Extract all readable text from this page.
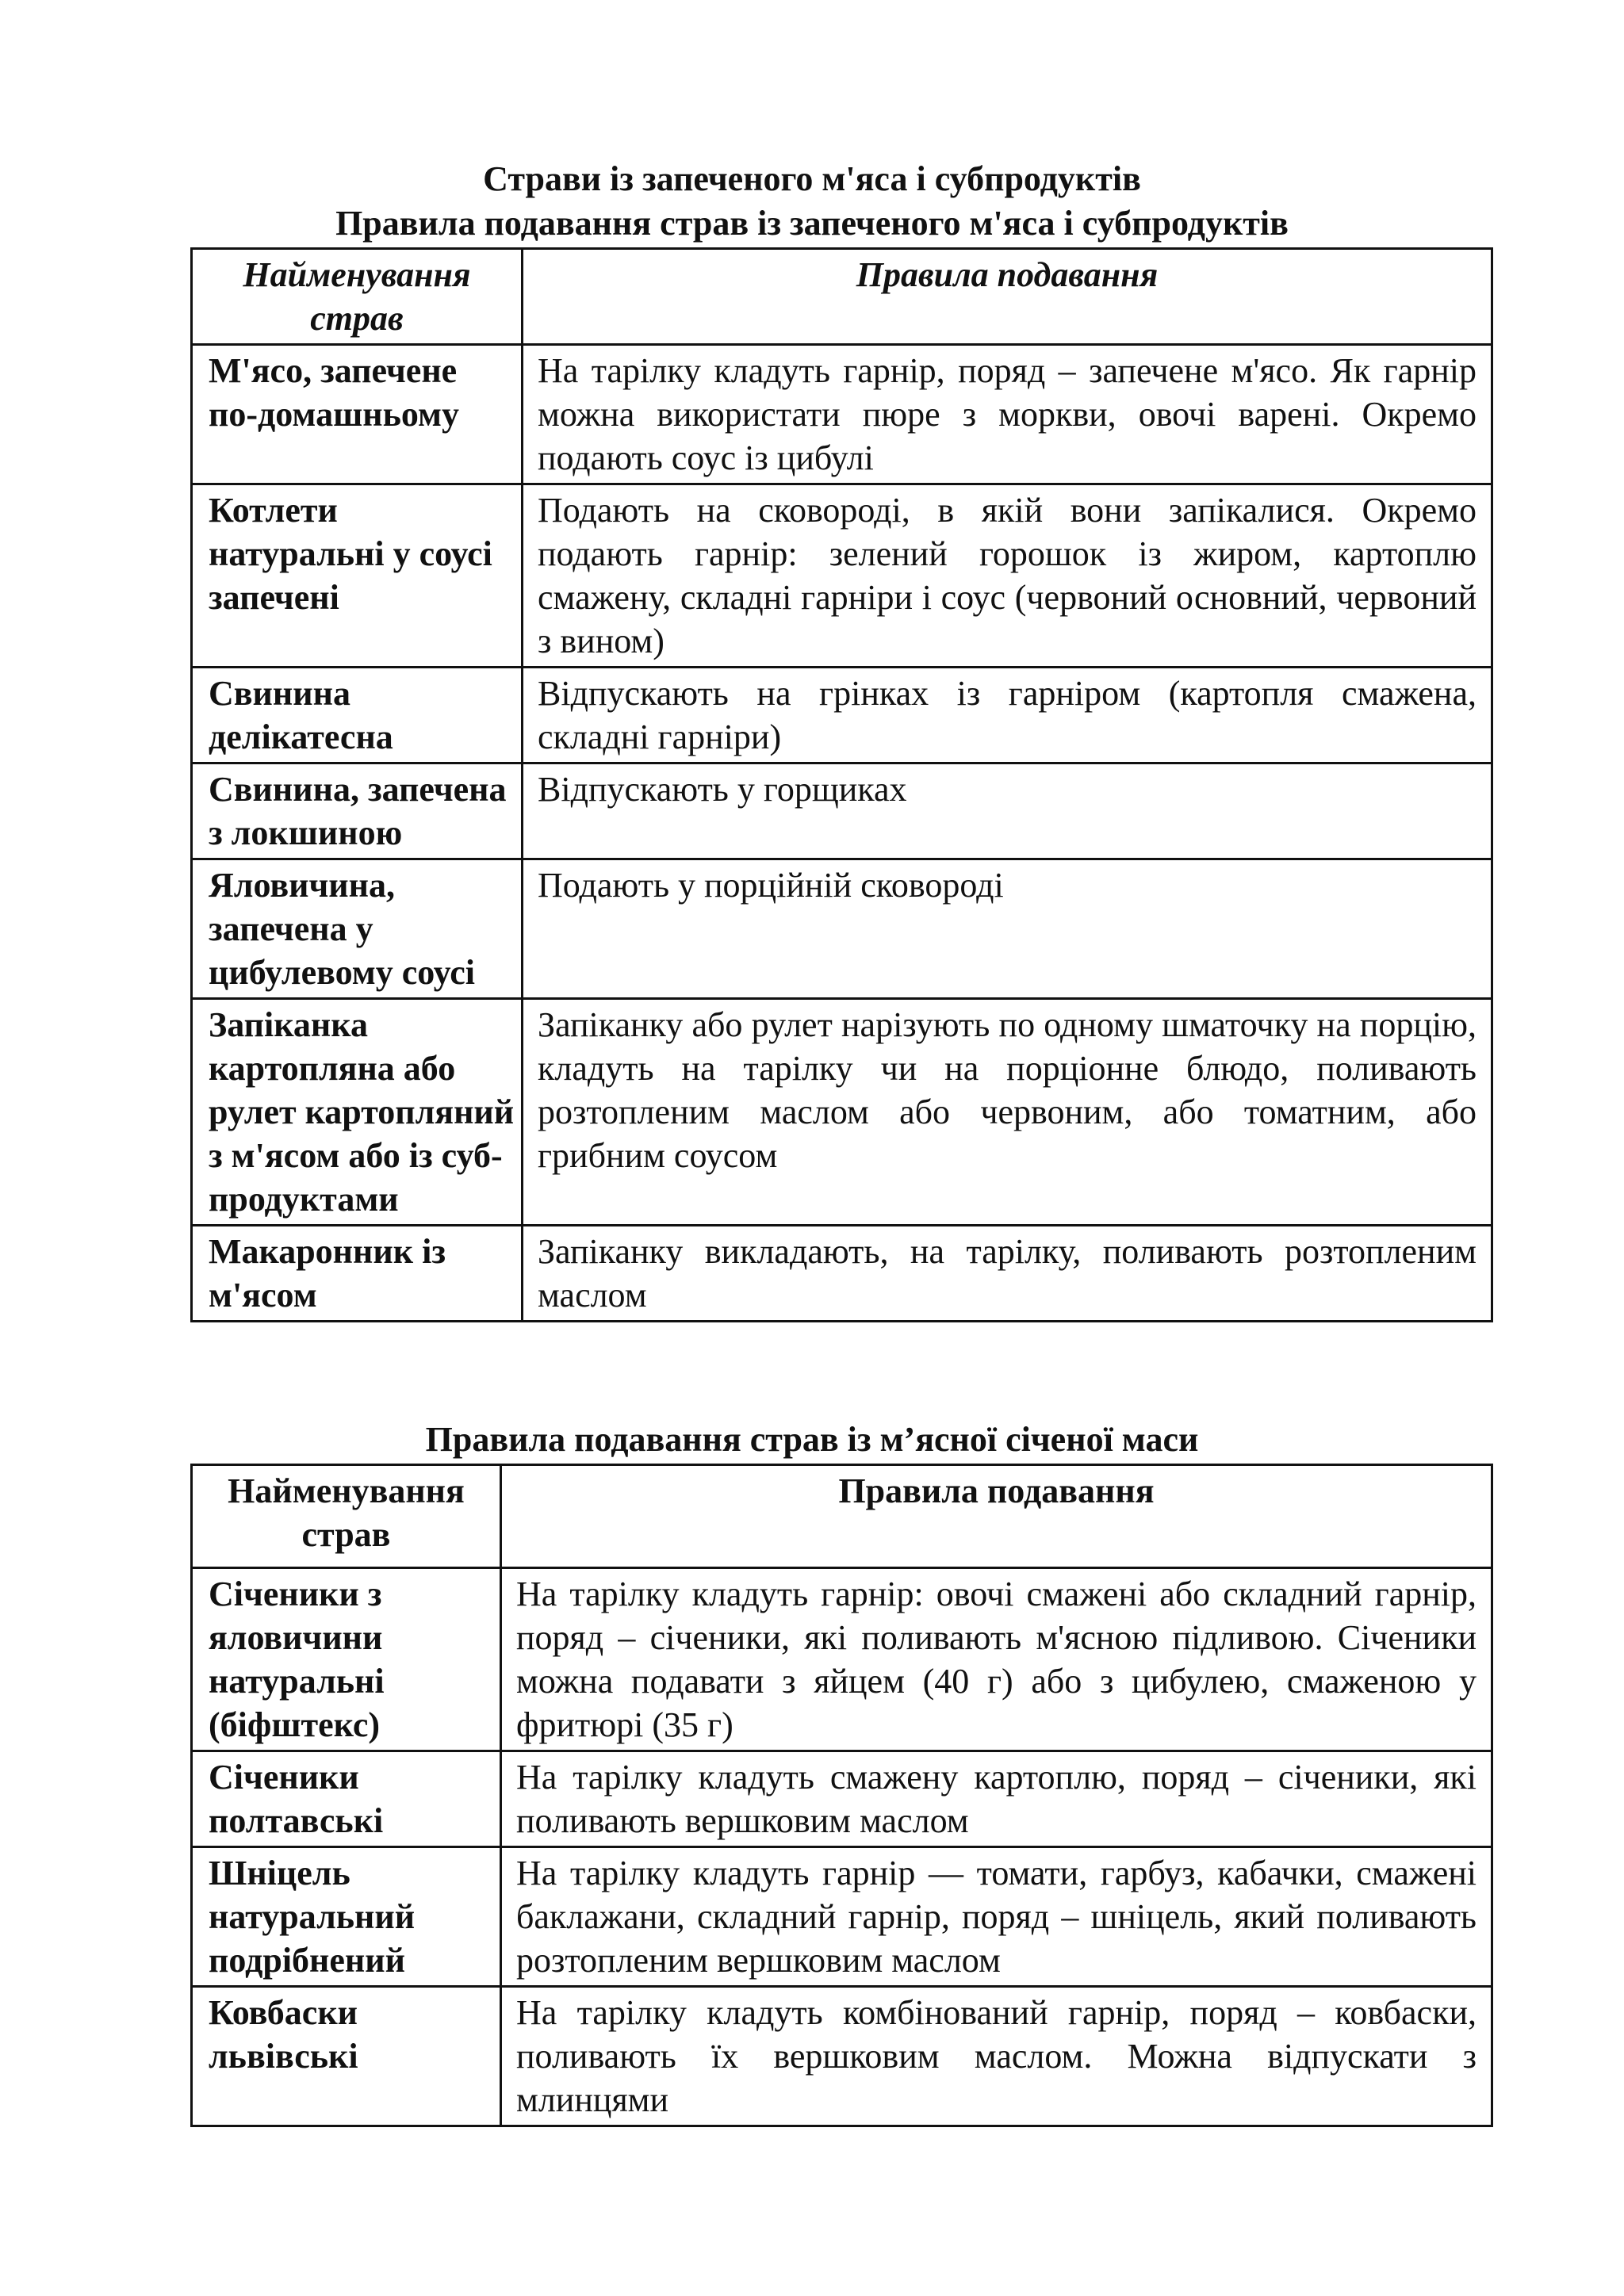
Страви із запеченого м'яса і субпродуктів
Правила подавання страв із запеченого м'яса і субпродуктів
Найменування страв	Правила подавання
М'ясо, запечене по-домашньому	На тарілку кладуть гарнір, поряд – запечене м'ясо. Як гарнір можна використати пюре з моркви, овочі варені. Окремо подають соус із цибулі
Котлети натуральні у соусі запечені	Подають на сковороді, в якій вони запікалися. Окремо подають гарнір: зелений горошок із жиром, картоплю смажену, складні гарніри і соус (червоний основний, червоний з вином)
Свинина делікатесна	Відпускають на грінках із гарніром (картопля смажена, складні гарніри)
Свинина, запечена з локшиною	Відпускають у горщиках
Яловичина, запечена у цибулевому соусі	Подають у порційній сковороді
Запіканка картопляна або рулет картопляний з м'ясом або із суб-продуктами	Запіканку або рулет нарізують по одному шматочку на порцію, кладуть на тарілку чи на порціонне блюдо, поливають розтопленим маслом або червоним, або томатним, або грибним соусом
Макаронник із м'ясом	Запіканку викладають, на тарілку, поливають розтопленим маслом
Правила подавання страв із м’ясної січеної маси
Найменування страв	Правила подавання
Січеники з яловичини натуральні (біфштекс)	На тарілку кладуть гарнір: овочі смажені або складний гарнір, поряд – січеники, які поливають м'ясною підливою. Січеники можна подавати з яйцем (40 г) або з цибулею, смаженою у фритюрі (35 г)
Січеники полтавські	На тарілку кладуть смажену картоплю, поряд – січеники, які поливають вершковим маслом
Шніцель натуральний подрібнений	На тарілку кладуть гарнір — томати, гарбуз, кабачки, смажені баклажани, складний гарнір, поряд – шніцель, який поливають розтопленим вершковим маслом
Ковбаски львівські	На тарілку кладуть комбінований гарнір, поряд – ковбаски, поливають їх вершковим маслом. Можна відпускати з млинцями
